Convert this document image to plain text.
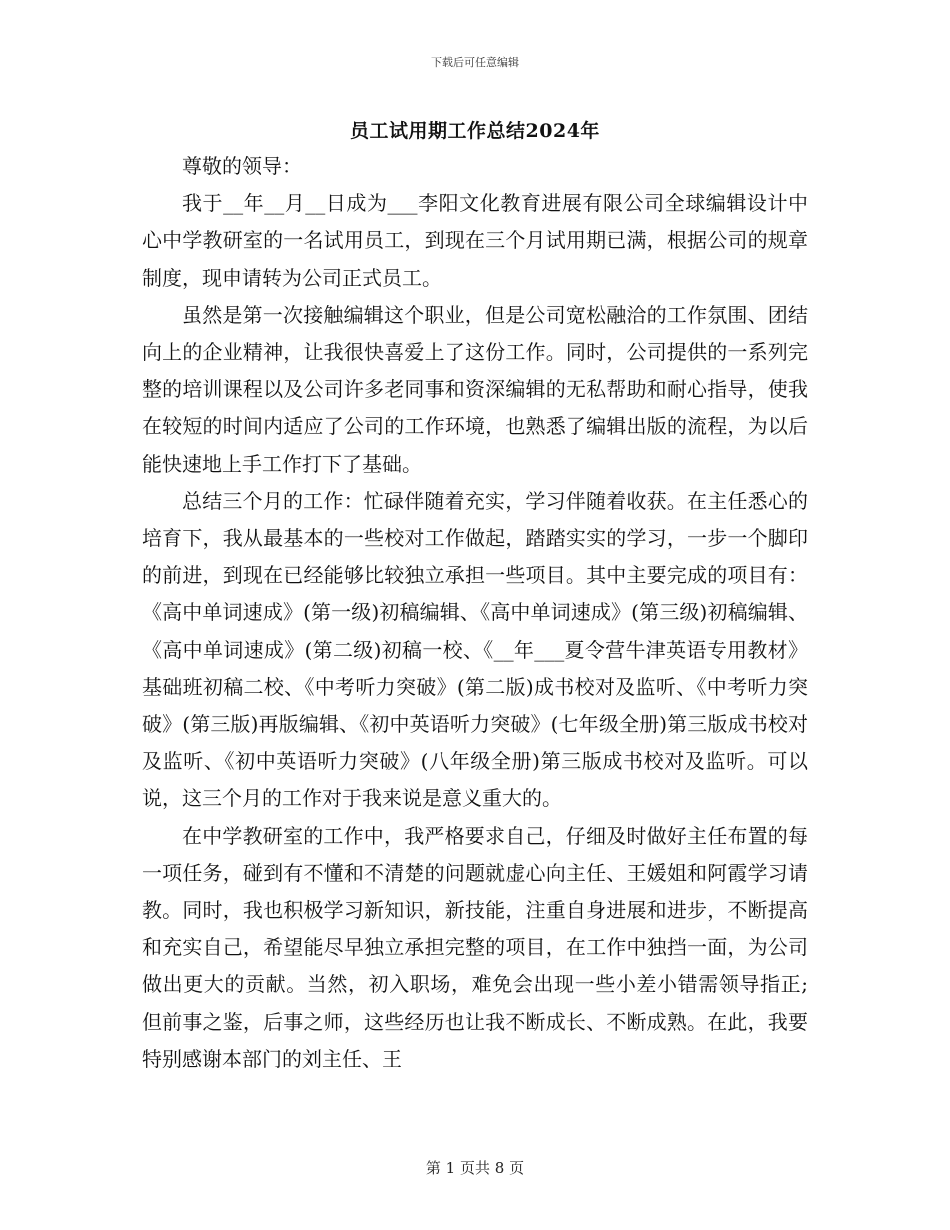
下载后可任意编辑
员工试用期工作总结2024年

尊敬的领导：

我于__年__月__日成为___李阳文化教育进展有限公司全球编辑设计中心中学教研室的一名试用员工，到现在三个月试用期已满，根据公司的规章制度，现申请转为公司正式员工。

虽然是第一次接触编辑这个职业，但是公司宽松融洽的工作氛围、团结向上的企业精神，让我很快喜爱上了这份工作。同时，公司提供的一系列完整的培训课程以及公司许多老同事和资深编辑的无私帮助和耐心指导，使我在较短的时间内适应了公司的工作环境，也熟悉了编辑出版的流程，为以后能快速地上手工作打下了基础。

总结三个月的工作：忙碌伴随着充实，学习伴随着收获。在主任悉心的培育下，我从最基本的一些校对工作做起，踏踏实实的学习，一步一个脚印的前进，到现在已经能够比较独立承担一些项目。其中主要完成的项目有：《高中单词速成》(第一级)初稿编辑、《高中单词速成》(第三级)初稿编辑、《高中单词速成》(第二级)初稿一校、《__年___夏令营牛津英语专用教材》基础班初稿二校、《中考听力突破》(第二版)成书校对及监听、《中考听力突破》(第三版)再版编辑、《初中英语听力突破》(七年级全册)第三版成书校对及监听、《初中英语听力突破》(八年级全册)第三版成书校对及监听。可以说，这三个月的工作对于我来说是意义重大的。

在中学教研室的工作中，我严格要求自己，仔细及时做好主任布置的每一项任务，碰到有不懂和不清楚的问题就虚心向主任、王媛姐和阿霞学习请教。同时，我也积极学习新知识，新技能，注重自身进展和进步，不断提高和充实自己，希望能尽早独立承担完整的项目，在工作中独挡一面，为公司做出更大的贡献。当然，初入职场，难免会出现一些小差小错需领导指正;但前事之鉴，后事之师，这些经历也让我不断成长、不断成熟。在此，我要特别感谢本部门的刘主任、王

第 1 页共 8 页
